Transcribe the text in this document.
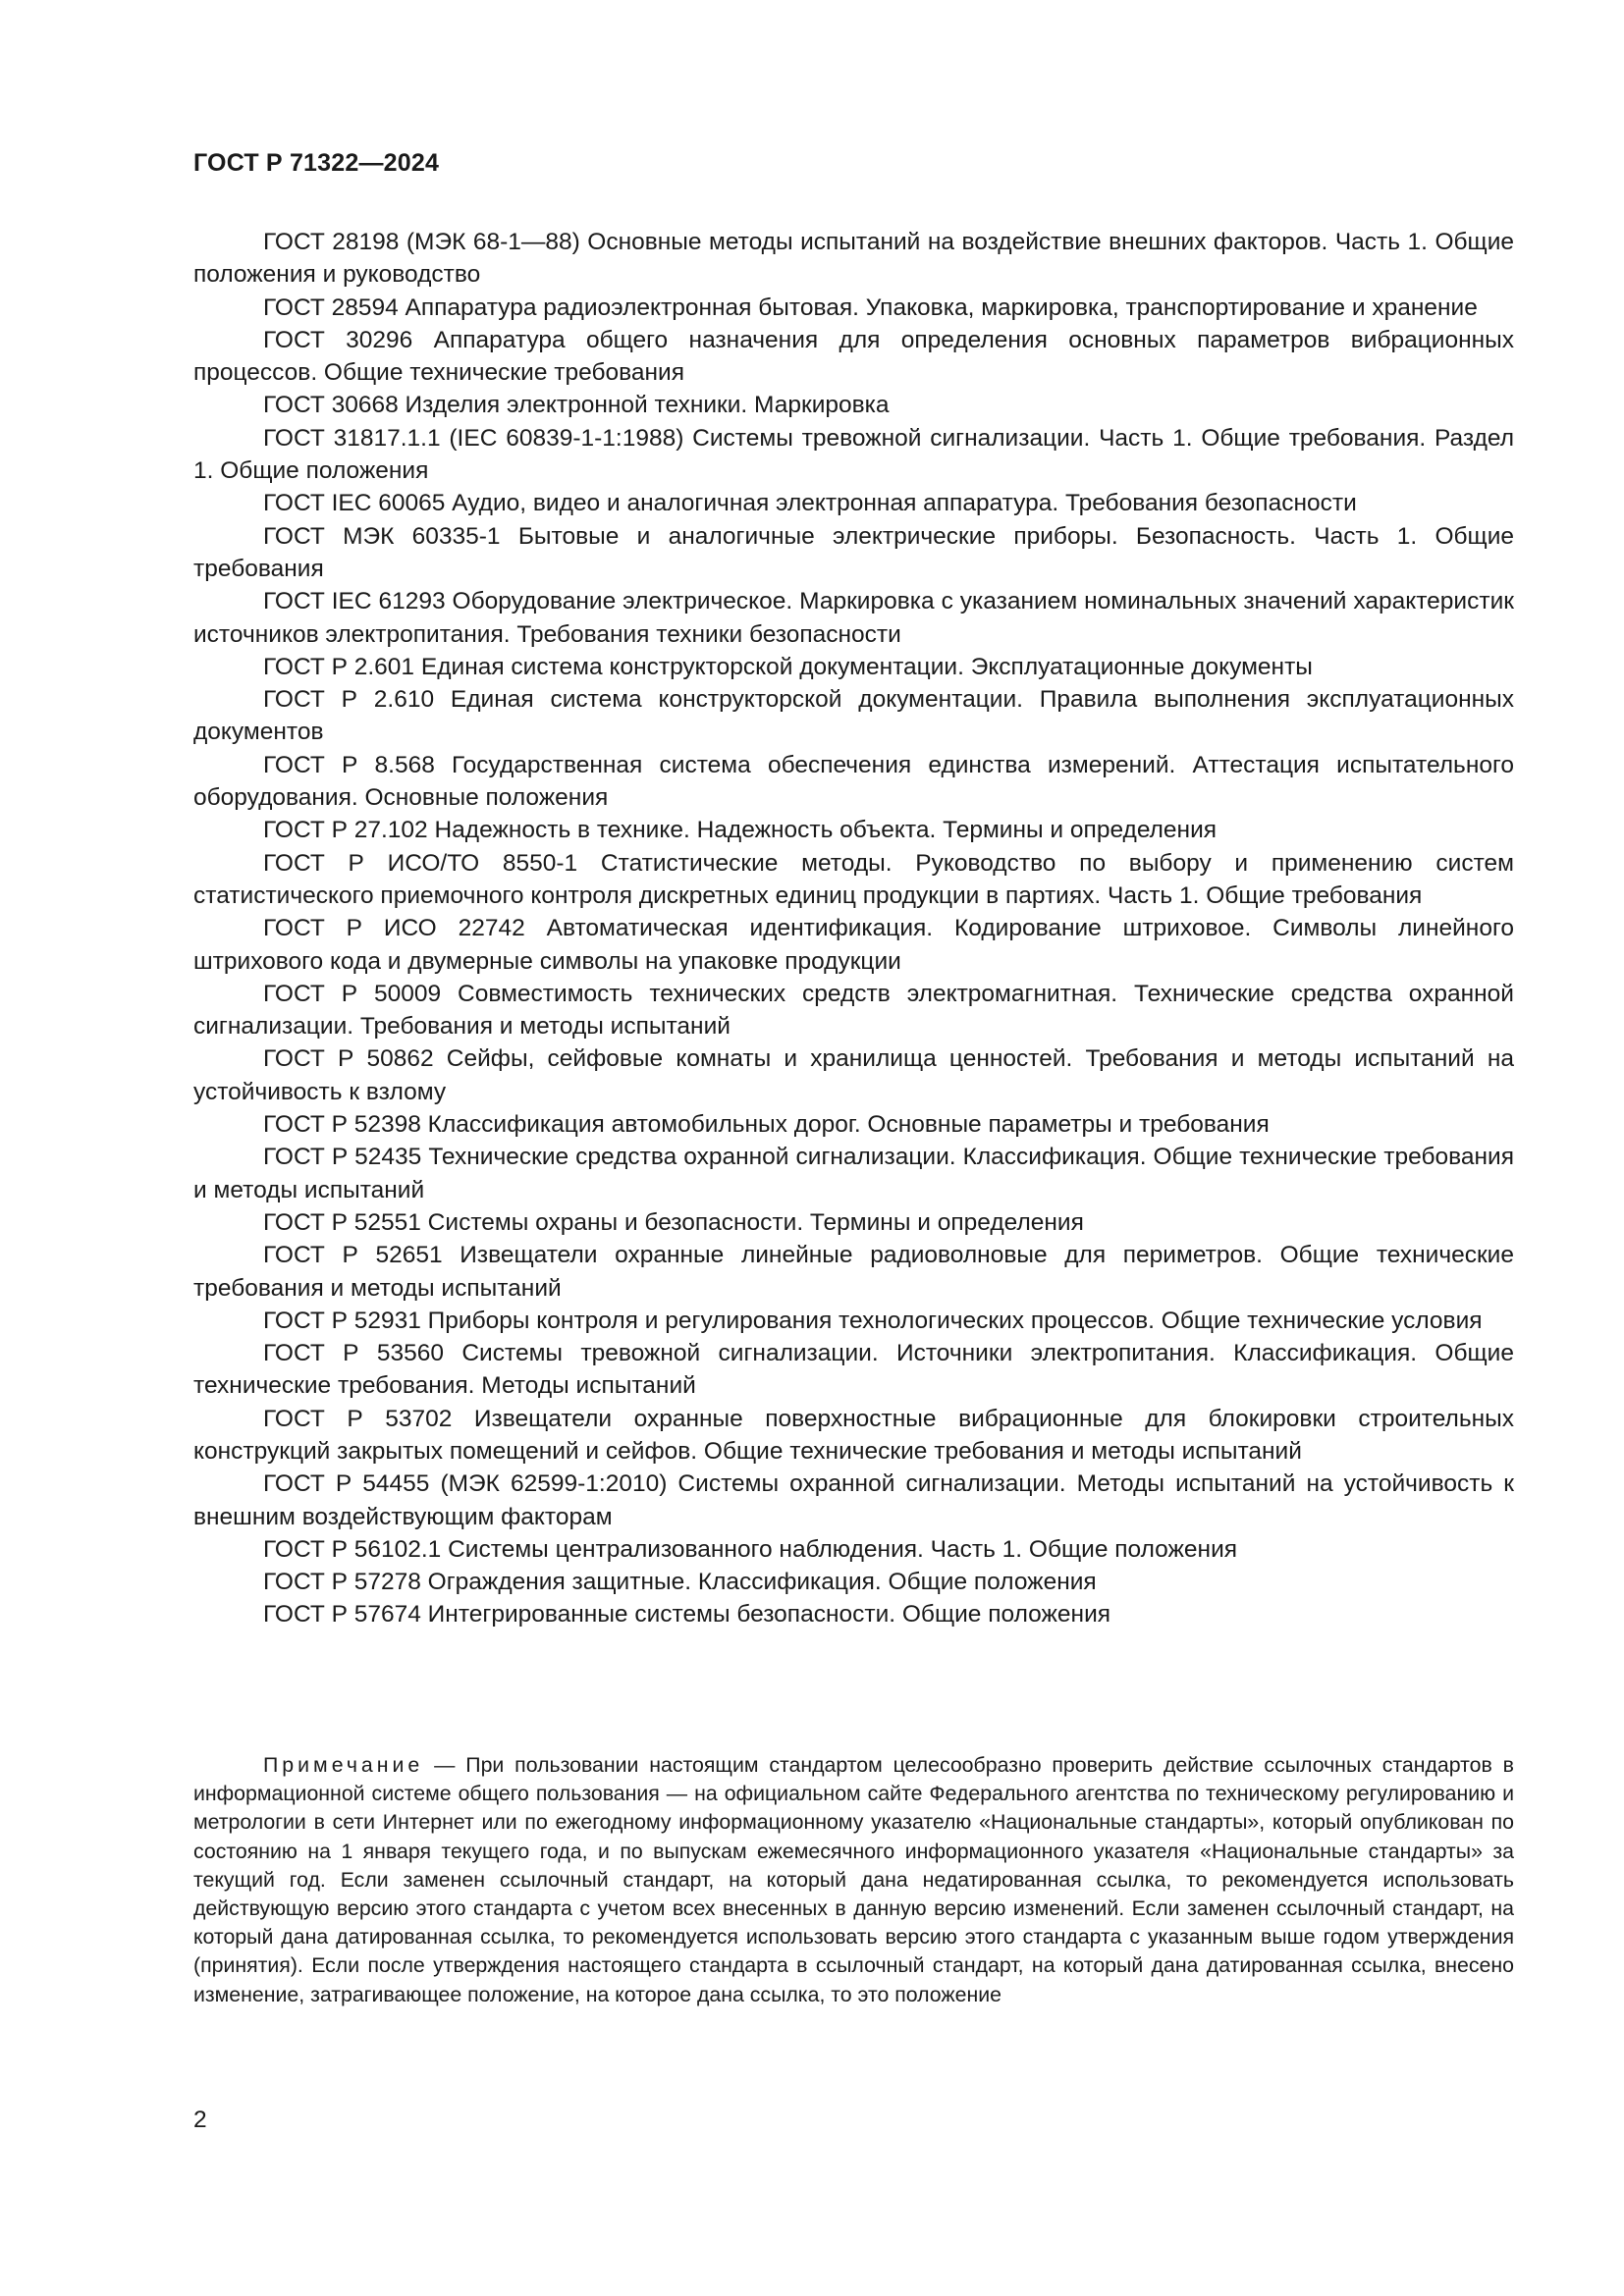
ГОСТ Р 71322—2024

ГОСТ 28198 (МЭК 68-1—88) Основные методы испытаний на воздействие внешних факторов. Часть 1. Общие положения и руководство

ГОСТ 28594 Аппаратура радиоэлектронная бытовая. Упаковка, маркировка, транспортирование и хранение

ГОСТ 30296 Аппаратура общего назначения для определения основных параметров вибрационных процессов. Общие технические требования

ГОСТ 30668 Изделия электронной техники. Маркировка

ГОСТ 31817.1.1 (IEC 60839-1-1:1988) Системы тревожной сигнализации. Часть 1. Общие требования. Раздел 1. Общие положения

ГОСТ IEC 60065 Аудио, видео и аналогичная электронная аппаратура. Требования безопасности

ГОСТ МЭК 60335-1 Бытовые и аналогичные электрические приборы. Безопасность. Часть 1. Общие требования

ГОСТ IEC 61293 Оборудование электрическое. Маркировка с указанием номинальных значений характеристик источников электропитания. Требования техники безопасности

ГОСТ Р 2.601 Единая система конструкторской документации. Эксплуатационные документы

ГОСТ Р 2.610 Единая система конструкторской документации. Правила выполнения эксплуатационных документов

ГОСТ Р 8.568 Государственная система обеспечения единства измерений. Аттестация испытательного оборудования. Основные положения

ГОСТ Р 27.102 Надежность в технике. Надежность объекта. Термины и определения

ГОСТ Р ИСО/ТО 8550-1 Статистические методы. Руководство по выбору и применению систем статистического приемочного контроля дискретных единиц продукции в партиях. Часть 1. Общие требования

ГОСТ Р ИСО 22742 Автоматическая идентификация. Кодирование штриховое. Символы линейного штрихового кода и двумерные символы на упаковке продукции

ГОСТ Р 50009 Совместимость технических средств электромагнитная. Технические средства охранной сигнализации. Требования и методы испытаний

ГОСТ Р 50862 Сейфы, сейфовые комнаты и хранилища ценностей. Требования и методы испытаний на устойчивость к взлому

ГОСТ Р 52398 Классификация автомобильных дорог. Основные параметры и требования

ГОСТ Р 52435 Технические средства охранной сигнализации. Классификация. Общие технические требования и методы испытаний

ГОСТ Р 52551 Системы охраны и безопасности. Термины и определения

ГОСТ Р 52651 Извещатели охранные линейные радиоволновые для периметров. Общие технические требования и методы испытаний

ГОСТ Р 52931 Приборы контроля и регулирования технологических процессов. Общие технические условия

ГОСТ Р 53560 Системы тревожной сигнализации. Источники электропитания. Классификация. Общие технические требования. Методы испытаний

ГОСТ Р 53702 Извещатели охранные поверхностные вибрационные для блокировки строительных конструкций закрытых помещений и сейфов. Общие технические требования и методы испытаний

ГОСТ Р 54455 (МЭК 62599-1:2010) Системы охранной сигнализации. Методы испытаний на устойчивость к внешним воздействующим факторам

ГОСТ Р 56102.1 Системы централизованного наблюдения. Часть 1. Общие положения

ГОСТ Р 57278 Ограждения защитные. Классификация. Общие положения

ГОСТ Р 57674 Интегрированные системы безопасности. Общие положения

Примечание — При пользовании настоящим стандартом целесообразно проверить действие ссылочных стандартов в информационной системе общего пользования — на официальном сайте Федерального агентства по техническому регулированию и метрологии в сети Интернет или по ежегодному информационному указателю «Национальные стандарты», который опубликован по состоянию на 1 января текущего года, и по выпускам ежемесячного информационного указателя «Национальные стандарты» за текущий год. Если заменен ссылочный стандарт, на который дана недатированная ссылка, то рекомендуется использовать действующую версию этого стандарта с учетом всех внесенных в данную версию изменений. Если заменен ссылочный стандарт, на который дана датированная ссылка, то рекомендуется использовать версию этого стандарта с указанным выше годом утверждения (принятия). Если после утверждения настоящего стандарта в ссылочный стандарт, на который дана датированная ссылка, внесено изменение, затрагивающее положение, на которое дана ссылка, то это положение

2
